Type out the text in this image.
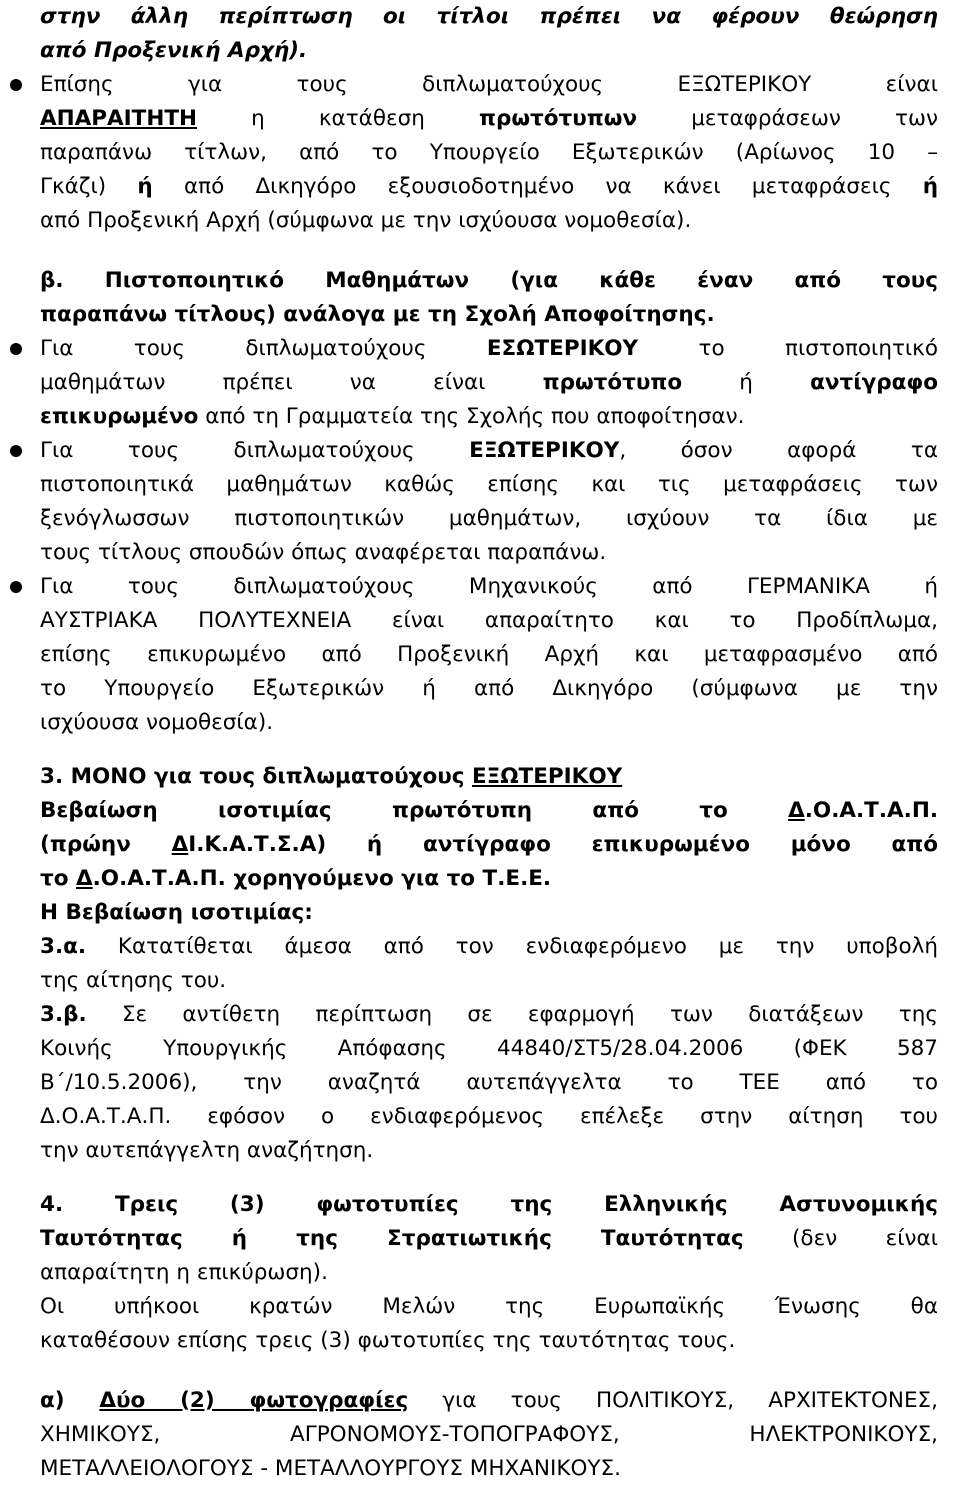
στην άλλη περίπτωση οι τίτλοι πρέπει να φέρουν θεώρηση
από Προξενική Αρχή).
Επίσης για τους διπλωματούχους ΕΞΩΤΕΡΙΚΟΥ είναι
ΑΠΑΡΑΙΤΗΤΗ η κατάθεση πρωτότυπων μεταφράσεων των
παραπάνω τίτλων, από το Υπουργείο Εξωτερικών (Αρίωνος 10 –
Γκάζι) ή από Δικηγόρο εξουσιοδοτημένο να κάνει μεταφράσεις ή
από Προξενική Αρχή (σύμφωνα με την ισχύουσα νομοθεσία).
β. Πιστοποιητικό Μαθημάτων (για κάθε έναν από τους
παραπάνω τίτλους) ανάλογα με τη Σχολή Αποφοίτησης.
Για τους διπλωματούχους ΕΣΩΤΕΡΙΚΟΥ το πιστοποιητικό
μαθημάτων πρέπει να είναι πρωτότυπο ή αντίγραφο
επικυρωμένο από τη Γραμματεία της Σχολής που αποφοίτησαν.
Για τους διπλωματούχους ΕΞΩΤΕΡΙΚΟΥ, όσον αφορά τα
πιστοποιητικά μαθημάτων καθώς επίσης και τις μεταφράσεις των
ξενόγλωσσων πιστοποιητικών μαθημάτων, ισχύουν τα ίδια με
τους τίτλους σπουδών όπως αναφέρεται παραπάνω.
Για τους διπλωματούχους Μηχανικούς από ΓΕΡΜΑΝΙΚΑ ή
ΑΥΣΤΡΙΑΚΑ ΠΟΛΥΤΕΧΝΕΙΑ είναι απαραίτητο και το Προδίπλωμα,
επίσης επικυρωμένο από Προξενική Αρχή και μεταφρασμένο από
το Υπουργείο Εξωτερικών ή από Δικηγόρο (σύμφωνα με την
ισχύουσα νομοθεσία).
3. ΜΟΝΟ για τους διπλωματούχους ΕΞΩΤΕΡΙΚΟΥ
Βεβαίωση ισοτιμίας πρωτότυπη από το Δ.Ο.Α.Τ.Α.Π.
(πρώην ΔΙ.Κ.Α.Τ.Σ.Α) ή αντίγραφο επικυρωμένο μόνο από
το Δ.Ο.Α.Τ.Α.Π. χορηγούμενο για το Τ.Ε.Ε.
Η Βεβαίωση ισοτιμίας:
3.α. Κατατίθεται άμεσα από τον ενδιαφερόμενο με την υποβολή
της αίτησης του.
3.β. Σε αντίθετη περίπτωση σε εφαρμογή των διατάξεων της
Κοινής Υπουργικής Απόφασης 44840/ΣΤ5/28.04.2006 (ΦΕΚ 587
Β΄/10.5.2006), την αναζητά αυτεπάγγελτα το ΤΕΕ από το
Δ.Ο.Α.Τ.Α.Π. εφόσον ο ενδιαφερόμενος επέλεξε στην αίτηση του
την αυτεπάγγελτη αναζήτηση.
4. Τρεις (3) φωτοτυπίες της Ελληνικής Αστυνομικής
Ταυτότητας ή της Στρατιωτικής Ταυτότητας (δεν είναι
απαραίτητη η επικύρωση).
Οι υπήκοοι κρατών Μελών της Ευρωπαϊκής Ένωσης θα
καταθέσουν επίσης τρεις (3) φωτοτυπίες της ταυτότητας τους.
α) Δύο (2) φωτογραφίες για τους ΠΟΛΙΤΙΚΟΥΣ, ΑΡΧΙΤΕΚΤΟΝΕΣ,
ΧΗΜΙΚΟΥΣ, ΑΓΡΟΝΟΜΟΥΣ-ΤΟΠΟΓΡΑΦΟΥΣ, ΗΛΕΚΤΡΟΝΙΚΟΥΣ,
ΜΕΤΑΛΛΕΙΟΛΟΓΟΥΣ - ΜΕΤΑΛΛΟΥΡΓΟΥΣ ΜΗΧΑΝΙΚΟΥΣ.
